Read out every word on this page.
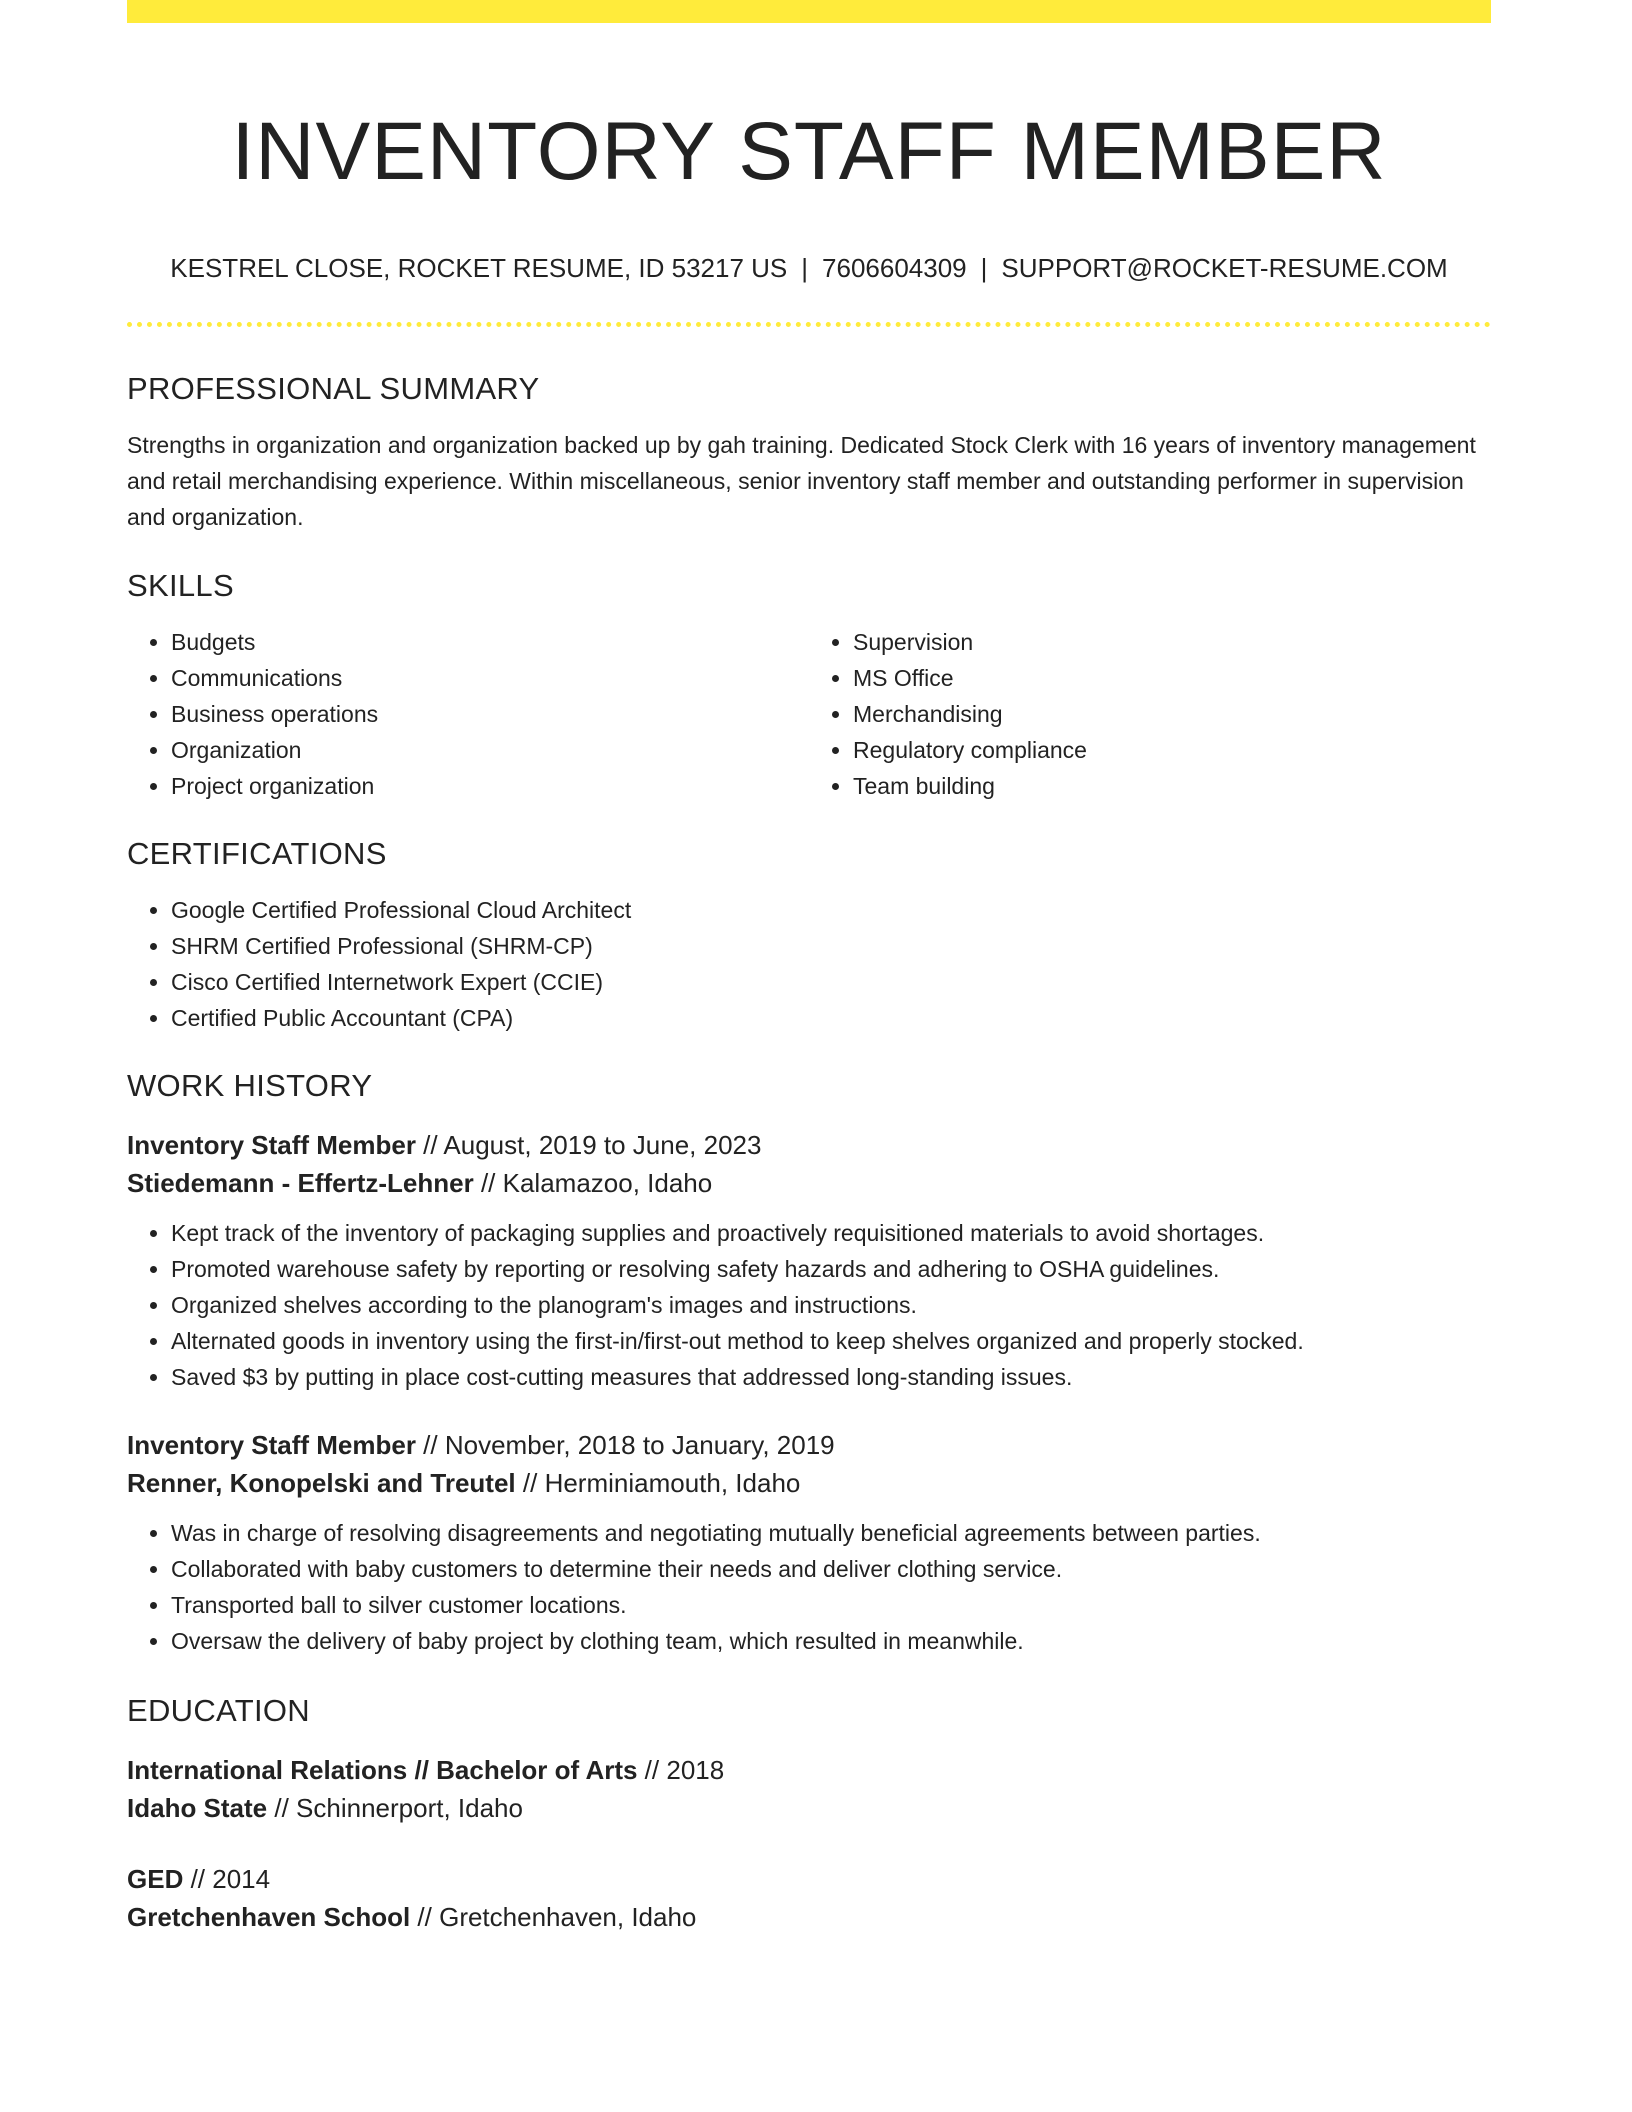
INVENTORY STAFF MEMBER
KESTREL CLOSE, ROCKET RESUME, ID 53217 US | 7606604309 | SUPPORT@ROCKET-RESUME.COM
PROFESSIONAL SUMMARY

Strengths in organization and organization backed up by gah training. Dedicated Stock Clerk with 16 years of inventory management and retail merchandising experience. Within miscellaneous, senior inventory staff member and outstanding performer in supervision and organization.

SKILLS
• Budgets
• Communications
• Business operations
• Organization
• Project organization
• Supervision
• MS Office
• Merchandising
• Regulatory compliance
• Team building
CERTIFICATIONS
• Google Certified Professional Cloud Architect
• SHRM Certified Professional (SHRM-CP)
• Cisco Certified Internetwork Expert (CCIE)
• Certified Public Accountant (CPA)
WORK HISTORY
Inventory Staff Member // August, 2019 to June, 2023
Stiedemann - Effertz-Lehner // Kalamazoo, Idaho
• Kept track of the inventory of packaging supplies and proactively requisitioned materials to avoid shortages.
• Promoted warehouse safety by reporting or resolving safety hazards and adhering to OSHA guidelines.
• Organized shelves according to the planogram's images and instructions.
• Alternated goods in inventory using the first-in/first-out method to keep shelves organized and properly stocked.
• Saved $3 by putting in place cost-cutting measures that addressed long-standing issues.
Inventory Staff Member // November, 2018 to January, 2019
Renner, Konopelski and Treutel // Herminiamouth, Idaho
• Was in charge of resolving disagreements and negotiating mutually beneficial agreements between parties.
• Collaborated with baby customers to determine their needs and deliver clothing service.
• Transported ball to silver customer locations.
• Oversaw the delivery of baby project by clothing team, which resulted in meanwhile.
EDUCATION
International Relations // Bachelor of Arts // 2018
Idaho State // Schinnerport, Idaho
GED // 2014
Gretchenhaven School // Gretchenhaven, Idaho
